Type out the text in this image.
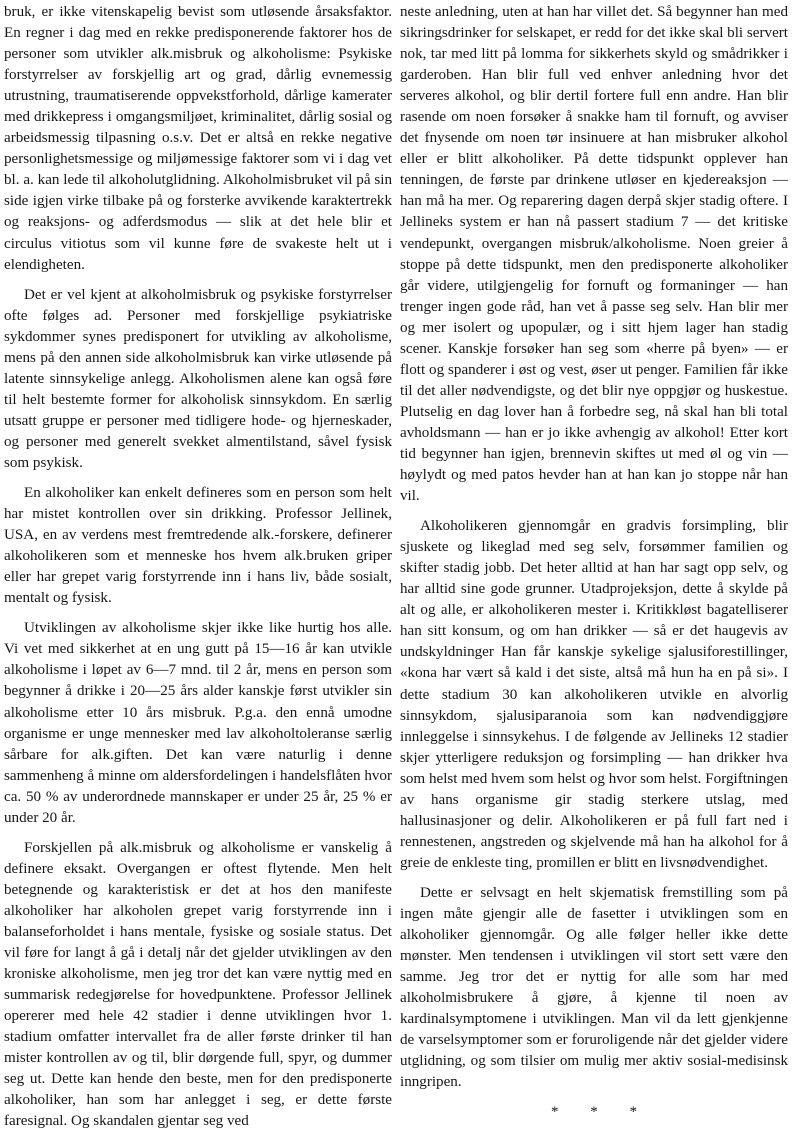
bruk, er ikke vitenskapelig bevist som utløsende årsaksfaktor. En regner i dag med en rekke predisponerende faktorer hos de personer som utvikler alk.misbruk og alkoholisme: Psykiske forstyrrelser av forskjellig art og grad, dårlig evnemessig utrustning, traumatiserende oppvekstforhold, dårlige kamerater med drikkepress i omgangsmiljøet, kriminalitet, dårlig sosial og arbeidsmessig tilpasning o.s.v. Det er altså en rekke negative personlighetsmessige og miljømessige faktorer som vi i dag vet bl. a. kan lede til alkoholutglidning. Alkoholmisbruket vil på sin side igjen virke tilbake på og forsterke avvikende karaktertrekk og reaksjons- og adferdsmodus — slik at det hele blir et circulus vitiotus som vil kunne føre de svakeste helt ut i elendigheten.

Det er vel kjent at alkoholmisbruk og psykiske forstyrrelser ofte følges ad. Personer med forskjellige psykiatriske sykdommer synes predisponert for utvikling av alkoholisme, mens på den annen side alkoholmisbruk kan virke utløsende på latente sinnsykelige anlegg. Alkoholismen alene kan også føre til helt bestemte former for alkoholisk sinnsykdom. En særlig utsatt gruppe er personer med tidligere hode- og hjerneskader, og personer med generelt svekket almentilstand, såvel fysisk som psykisk.

En alkoholiker kan enkelt defineres som en person som helt har mistet kontrollen over sin drikking. Professor Jellinek, USA, en av verdens mest fremtredende alk.-forskere, definerer alkoholikeren som et menneske hos hvem alk.bruken griper eller har grepet varig forstyrrende inn i hans liv, både sosialt, mentalt og fysisk.

Utviklingen av alkoholisme skjer ikke like hurtig hos alle. Vi vet med sikkerhet at en ung gutt på 15—16 år kan utvikle alkoholisme i løpet av 6—7 mnd. til 2 år, mens en person som begynner å drikke i 20—25 års alder kanskje først utvikler sin alkoholisme etter 10 års misbruk. P.g.a. den ennå umodne organisme er unge mennesker med lav alkoholtoleranse særlig sårbare for alk.giften. Det kan være naturlig i denne sammenheng å minne om aldersfordelingen i handelsflåten hvor ca. 50 % av underordnede mannskaper er under 25 år, 25 % er under 20 år.

Forskjellen på alk.misbruk og alkoholisme er vanskelig å definere eksakt. Overgangen er oftest flytende. Men helt betegnende og karakteristisk er det at hos den manifeste alkoholiker har alkoholen grepet varig forstyrrende inn i balanseforholdet i hans mentale, fysiske og sosiale status. Det vil føre for langt å gå i detalj når det gjelder utviklingen av den kroniske alkoholisme, men jeg tror det kan være nyttig med en summarisk redegjørelse for hovedpunktene. Professor Jellinek opererer med hele 42 stadier i denne utviklingen hvor 1. stadium omfatter intervallet fra de aller første drinker til han mister kontrollen av og til, blir dørgende full, spyr, og dummer seg ut. Dette kan hende den beste, men for den predisponerte alkoholiker, han som har anlegget i seg, er dette første faresignal. Og skandalen gjentar seg ved

neste anledning, uten at han har villet det. Så begynner han med sikringsdrinker for selskapet, er redd for det ikke skal bli servert nok, tar med litt på lomma for sikkerhets skyld og smådrikker i garderoben. Han blir full ved enhver anledning hvor det serveres alkohol, og blir dertil fortere full enn andre. Han blir rasende om noen forsøker å snakke ham til fornuft, og avviser det fnysende om noen tør insinuere at han misbruker alkohol eller er blitt alkoholiker. På dette tidspunkt opplever han tenningen, de første par drinkene utløser en kjedereaksjon — han må ha mer. Og reparering dagen derpå skjer stadig oftere. I Jellineks system er han nå passert stadium 7 — det kritiske vendepunkt, overgangen misbruk/alkoholisme. Noen greier å stoppe på dette tidspunkt, men den predisponerte alkoholiker går videre, utilgjengelig for fornuft og formaninger — han trenger ingen gode råd, han vet å passe seg selv. Han blir mer og mer isolert og upopulær, og i sitt hjem lager han stadig scener. Kanskje forsøker han seg som «herre på byen» — er flott og spanderer i øst og vest, øser ut penger. Familien får ikke til det aller nødvendigste, og det blir nye oppgjør og huskestue. Plutselig en dag lover han å forbedre seg, nå skal han bli total avholdsmann — han er jo ikke avhengig av alkohol! Etter kort tid begynner han igjen, brennevin skiftes ut med øl og vin — høylydt og med patos hevder han at han kan jo stoppe når han vil.

Alkoholikeren gjennomgår en gradvis forsimpling, blir sjuskete og likeglad med seg selv, forsømmer familien og skifter stadig jobb. Det heter alltid at han har sagt opp selv, og har alltid sine gode grunner. Utadprojeksjon, dette å skylde på alt og alle, er alkoholikeren mester i. Kritikkløst bagatelliserer han sitt konsum, og om han drikker — så er det haugevis av undskyldninger Han får kanskje sykelige sjalusiforestillinger, «kona har vært så kald i det siste, altså må hun ha en på si». I dette stadium 30 kan alkoholikeren utvikle en alvorlig sinnsykdom, sjalusiparanoia som kan nødvendiggjøre innleggelse i sinnsykehus. I de følgende av Jellineks 12 stadier skjer ytterligere reduksjon og forsimpling — han drikker hva som helst med hvem som helst og hvor som helst. Forgiftningen av hans organisme gir stadig sterkere utslag, med hallusinasjoner og delir. Alkoholikeren er på full fart ned i rennestenen, angstreden og skjelvende må han ha alkohol for å greie de enkleste ting, promillen er blitt en livsnødvendighet.

Dette er selvsagt en helt skjematisk fremstilling som på ingen måte gjengir alle de fasetter i utviklingen som en alkoholiker gjennomgår. Og alle følger heller ikke dette mønster. Men tendensen i utviklingen vil stort sett være den samme. Jeg tror det er nyttig for alle som har med alkoholmisbrukere å gjøre, å kjenne til noen av kardinalsymptomene i utviklingen. Man vil da lett gjenkjenne de varselsymptomer som er foruroligende når det gjelder videre utglidning, og som tilsier om mulig mer aktiv sosial-medisinsk inngripen.

* * *
